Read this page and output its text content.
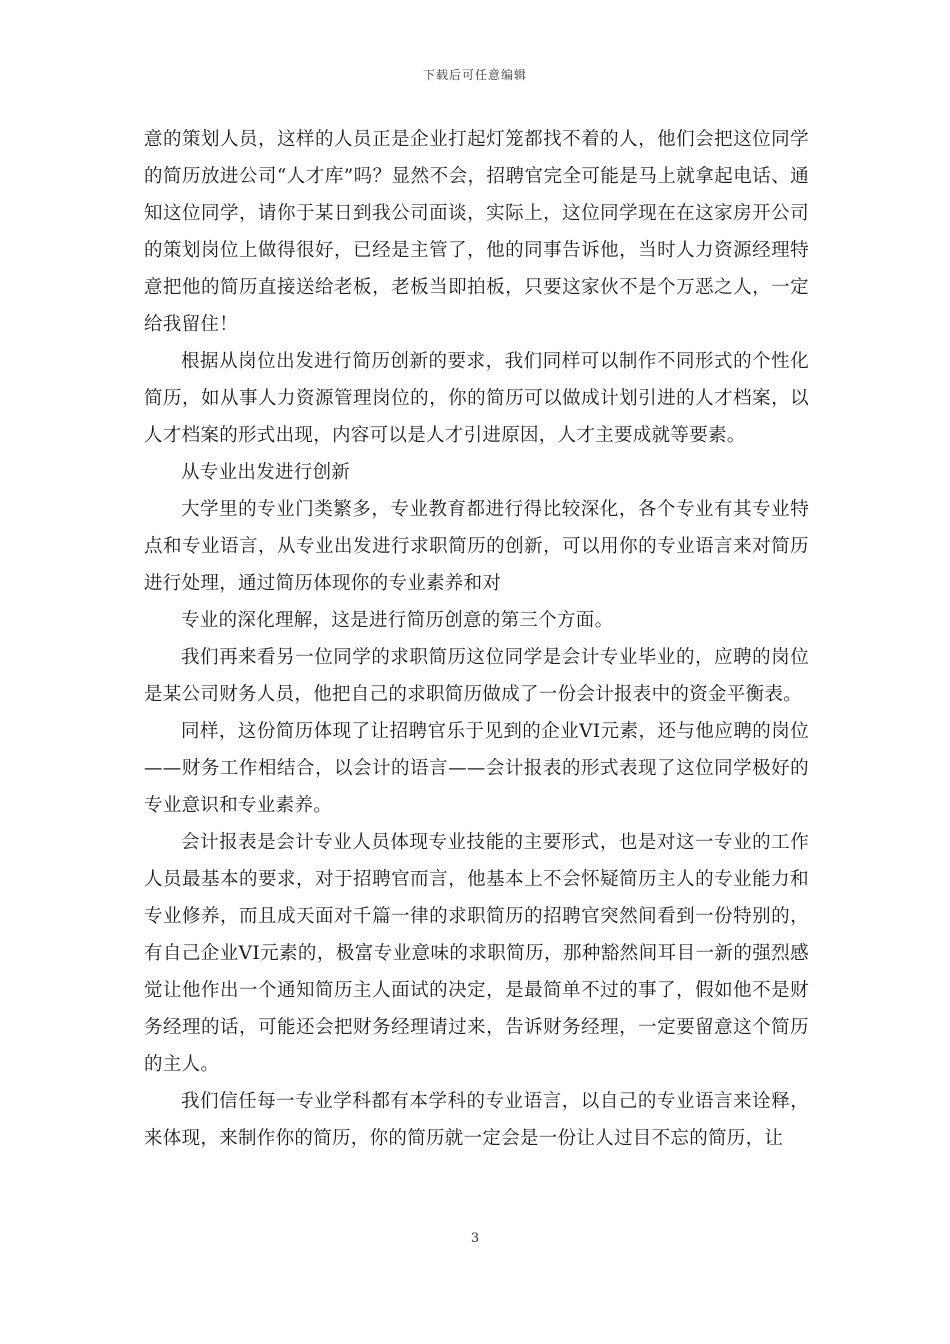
下载后可任意编辑

意的策划人员，这样的人员正是企业打起灯笼都找不着的人，他们会把这位同学的简历放进公司“人才库”吗？显然不会，招聘官完全可能是马上就拿起电话、通知这位同学，请你于某日到我公司面谈，实际上，这位同学现在在这家房开公司的策划岗位上做得很好，已经是主管了，他的同事告诉他，当时人力资源经理特意把他的简历直接送给老板，老板当即拍板，只要这家伙不是个万恶之人，一定给我留住！

根据从岗位出发进行简历创新的要求，我们同样可以制作不同形式的个性化简历，如从事人力资源管理岗位的，你的简历可以做成计划引进的人才档案，以人才档案的形式出现，内容可以是人才引进原因，人才主要成就等要素。

从专业出发进行创新

大学里的专业门类繁多，专业教育都进行得比较深化，各个专业有其专业特点和专业语言，从专业出发进行求职简历的创新，可以用你的专业语言来对简历进行处理，通过简历体现你的专业素养和对

专业的深化理解，这是进行简历创意的第三个方面。

我们再来看另一位同学的求职简历这位同学是会计专业毕业的，应聘的岗位是某公司财务人员，他把自己的求职简历做成了一份会计报表中的资金平衡表。

同样，这份简历体现了让招聘官乐于见到的企业VI元素，还与他应聘的岗位——财务工作相结合，以会计的语言——会计报表的形式表现了这位同学极好的专业意识和专业素养。

会计报表是会计专业人员体现专业技能的主要形式，也是对这一专业的工作人员最基本的要求，对于招聘官而言，他基本上不会怀疑简历主人的专业能力和专业修养，而且成天面对千篇一律的求职简历的招聘官突然间看到一份特别的，有自己企业VI元素的，极富专业意味的求职简历，那种豁然间耳目一新的强烈感觉让他作出一个通知简历主人面试的决定，是最简单不过的事了，假如他不是财务经理的话，可能还会把财务经理请过来，告诉财务经理，一定要留意这个简历的主人。

我们信任每一专业学科都有本学科的专业语言，以自己的专业语言来诠释，来体现，来制作你的简历，你的简历就一定会是一份让人过目不忘的简历，让

3
